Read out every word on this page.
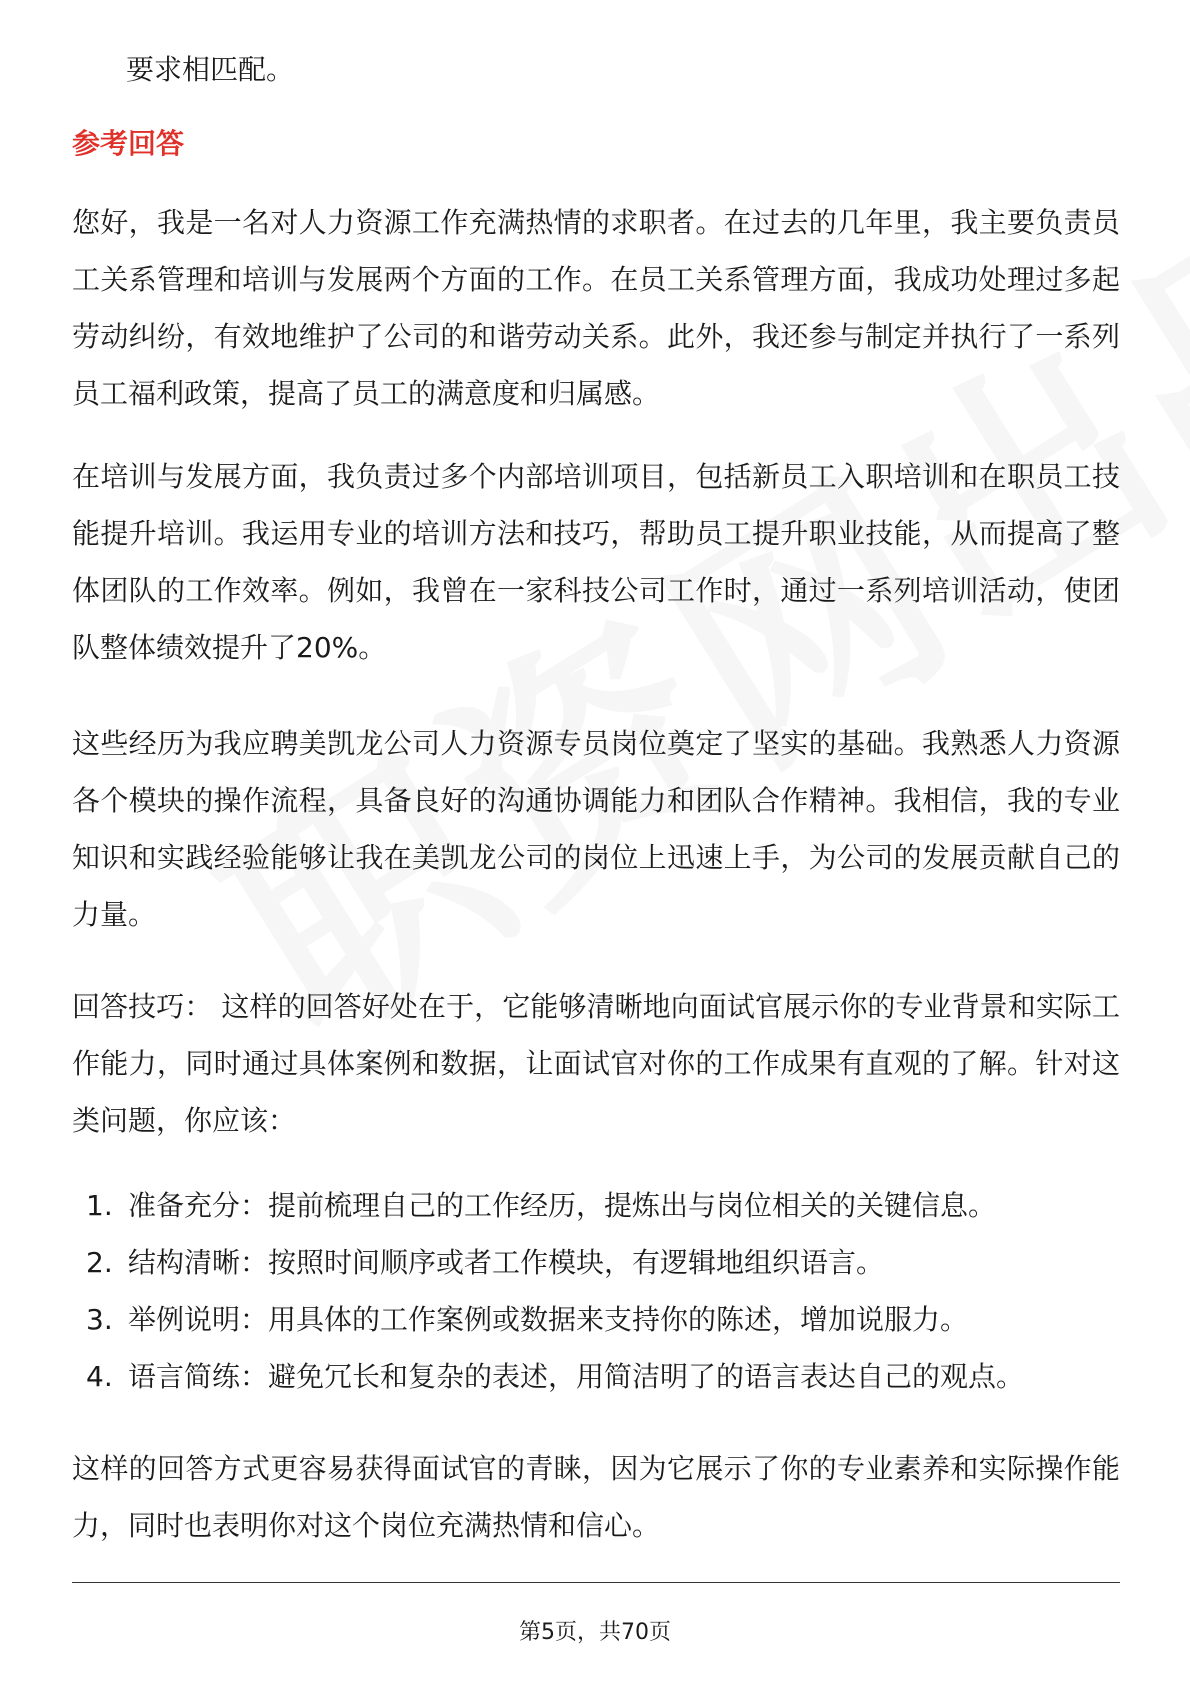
要求相匹配。
参考回答

您好，我是一名对人力资源工作充满热情的求职者。在过去的几年里，我主要负责员工关系管理和培训与发展两个方面的工作。在员工关系管理方面，我成功处理过多起劳动纠纷，有效地维护了公司的和谐劳动关系。此外，我还参与制定并执行了一系列员工福利政策，提高了员工的满意度和归属感。

在培训与发展方面，我负责过多个内部培训项目，包括新员工入职培训和在职员工技能提升培训。我运用专业的培训方法和技巧，帮助员工提升职业技能，从而提高了整体团队的工作效率。例如，我曾在一家科技公司工作时，通过一系列培训活动，使团队整体绩效提升了20%。

这些经历为我应聘美凯龙公司人力资源专员岗位奠定了坚实的基础。我熟悉人力资源各个模块的操作流程，具备良好的沟通协调能力和团队合作精神。我相信，我的专业知识和实践经验能够让我在美凯龙公司的岗位上迅速上手，为公司的发展贡献自己的力量。

回答技巧： 这样的回答好处在于，它能够清晰地向面试官展示你的专业背景和实际工作能力，同时通过具体案例和数据，让面试官对你的工作成果有直观的了解。针对这类问题，你应该：

1. 准备充分：提前梳理自己的工作经历，提炼出与岗位相关的关键信息。
2. 结构清晰：按照时间顺序或者工作模块，有逻辑地组织语言。
3. 举例说明：用具体的工作案例或数据来支持你的陈述，增加说服力。
4. 语言简练：避免冗长和复杂的表述，用简洁明了的语言表达自己的观点。

这样的回答方式更容易获得面试官的青睐，因为它展示了你的专业素养和实际操作能力，同时也表明你对这个岗位充满热情和信心。

第5页，共70页
